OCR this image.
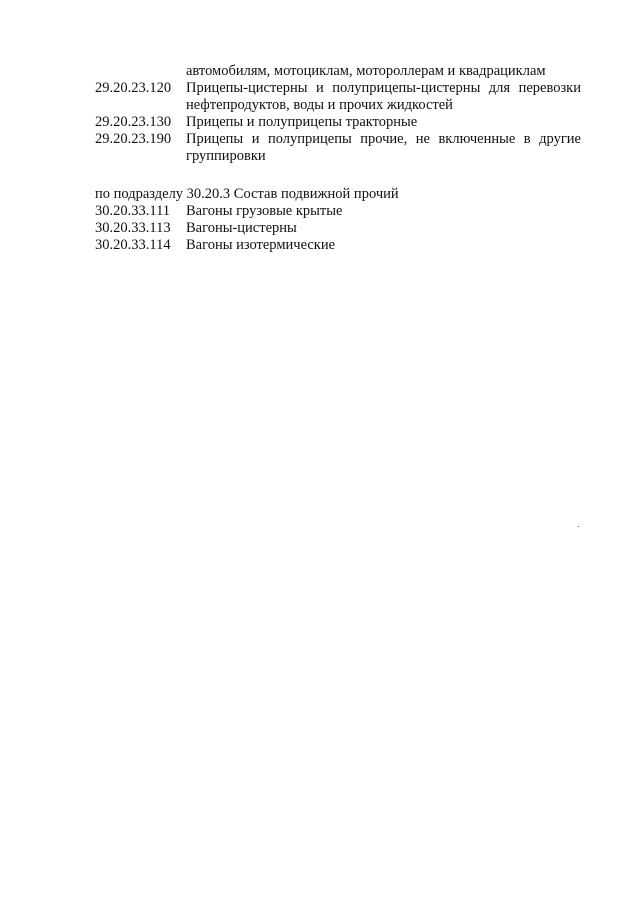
автомобилям, мотоциклам, мотороллерам и квадрациклам
29.20.23.120	Прицепы-цистерны и полуприцепы-цистерны для перевозки нефтепродуктов, воды и прочих жидкостей
29.20.23.130	Прицепы и полуприцепы тракторные
29.20.23.190	Прицепы и полуприцепы прочие, не включенные в другие группировки
по подразделу 30.20.3 Состав подвижной прочий
30.20.33.111	Вагоны грузовые крытые
30.20.33.113	Вагоны-цистерны
30.20.33.114	Вагоны изотермические
